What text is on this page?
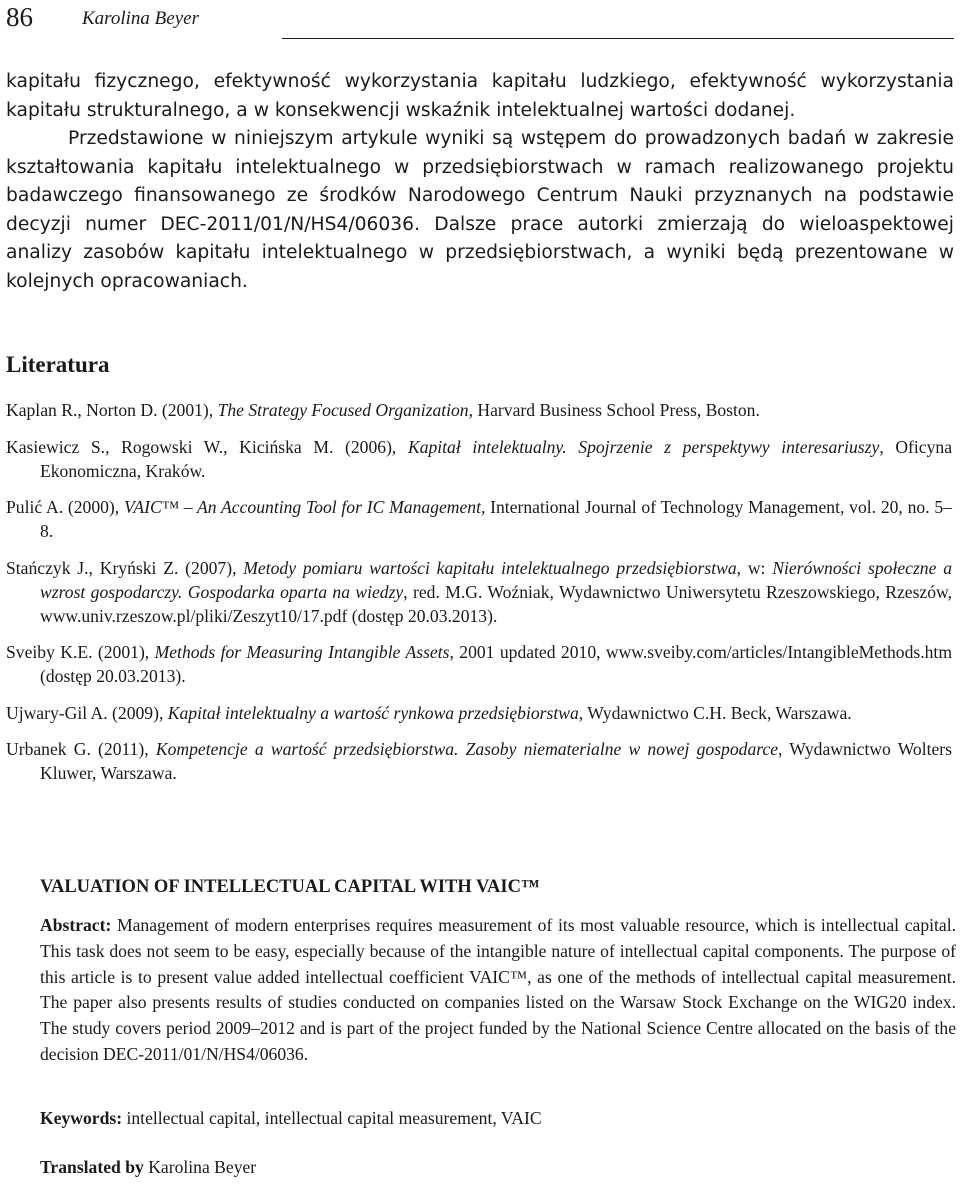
86	Karolina Beyer

kapitału fizycznego, efektywność wykorzystania kapitału ludzkiego, efektywność wykorzystania kapitału strukturalnego, a w konsekwencji wskaźnik intelektualnej wartości dodanej.

Przedstawione w niniejszym artykule wyniki są wstępem do prowadzonych badań w zakresie kształtowania kapitału intelektualnego w przedsiębiorstwach w ramach realizowanego projektu badawczego finansowanego ze środków Narodowego Centrum Nauki przyznanych na podstawie decyzji numer DEC-2011/01/N/HS4/06036. Dalsze prace autorki zmierzają do wieloaspektowej analizy zasobów kapitału intelektualnego w przedsiębiorstwach, a wyniki będą prezentowane w kolejnych opracowaniach.

Literatura

Kaplan R., Norton D. (2001), The Strategy Focused Organization, Harvard Business School Press, Boston.

Kasiewicz S., Rogowski W., Kicińska M. (2006), Kapitał intelektualny. Spojrzenie z perspektywy interesariuszy, Oficyna Ekonomiczna, Kraków.

Pulić A. (2000), VAIC™ – An Accounting Tool for IC Management, International Journal of Technology Management, vol. 20, no. 5–8.

Stańczyk J., Kryński Z. (2007), Metody pomiaru wartości kapitału intelektualnego przedsiębiorstwa, w: Nierówności społeczne a wzrost gospodarczy. Gospodarka oparta na wiedzy, red. M.G. Woźniak, Wydawnictwo Uniwersytetu Rzeszowskiego, Rzeszów, www.univ.rzeszow.pl/pliki/Zeszyt10/17.pdf (dostęp 20.03.2013).

Sveiby K.E. (2001), Methods for Measuring Intangible Assets, 2001 updated 2010, www.sveiby.com/articles/IntangibleMethods.htm (dostęp 20.03.2013).

Ujwary-Gil A. (2009), Kapitał intelektualny a wartość rynkowa przedsiębiorstwa, Wydawnictwo C.H. Beck, Warszawa.

Urbanek G. (2011), Kompetencje a wartość przedsiębiorstwa. Zasoby niematerialne w nowej gospodarce, Wydawnictwo Wolters Kluwer, Warszawa.

VALUATION OF INTELLECTUAL CAPITAL WITH VAIC™

Abstract: Management of modern enterprises requires measurement of its most valuable resource, which is intellectual capital. This task does not seem to be easy, especially because of the intangible nature of intellectual capital components. The purpose of this article is to present value added intellectual coefficient VAIC™, as one of the methods of intellectual capital measurement. The paper also presents results of studies conducted on companies listed on the Warsaw Stock Exchange on the WIG20 index. The study covers period 2009–2012 and is part of the project funded by the National Science Centre allocated on the basis of the decision DEC-2011/01/N/HS4/06036.

Keywords: intellectual capital, intellectual capital measurement, VAIC

Translated by Karolina Beyer
